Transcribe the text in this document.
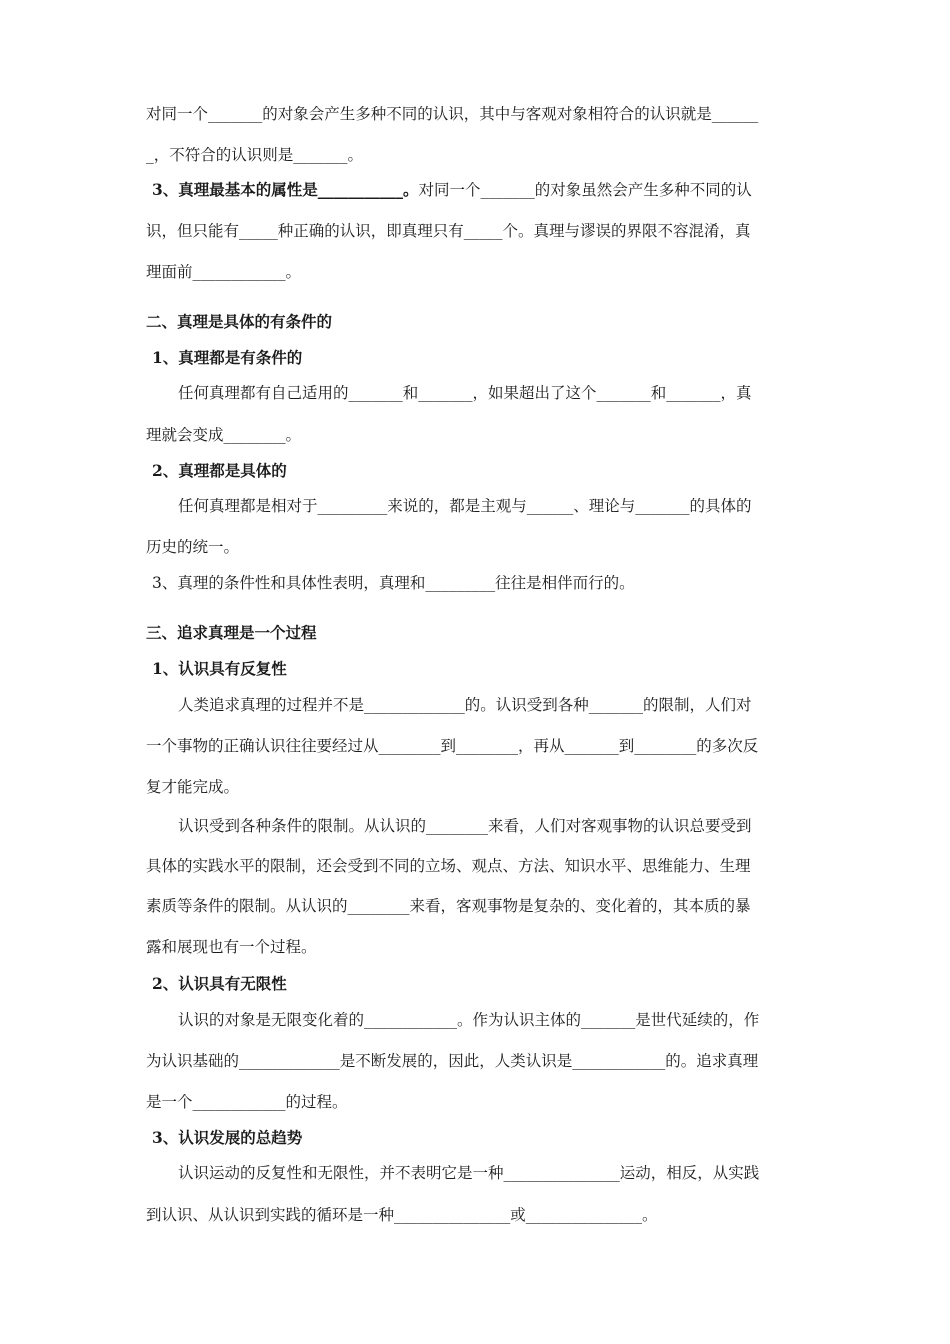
对同一个_______的对象会产生多种不同的认识，其中与客观对象相符合的认识就是______
_，不符合的认识则是_______。
3、真理最基本的属性是___________。对同一个_______的对象虽然会产生多种不同的认
识，但只能有_____种正确的认识，即真理只有_____个。真理与谬误的界限不容混淆，真
理面前____________。
二、真理是具体的有条件的
1、真理都是有条件的
任何真理都有自己适用的_______和_______，如果超出了这个_______和_______，真
理就会变成________。
2、真理都是具体的
任何真理都是相对于_________来说的，都是主观与______、理论与_______的具体的
历史的统一。
3、真理的条件性和具体性表明，真理和_________往往是相伴而行的。
三、追求真理是一个过程
1、认识具有反复性
人类追求真理的过程并不是_____________的。认识受到各种_______的限制，人们对
一个事物的正确认识往往要经过从________到________，再从_______到________的多次反
复才能完成。
认识受到各种条件的限制。从认识的________来看，人们对客观事物的认识总要受到
具体的实践水平的限制，还会受到不同的立场、观点、方法、知识水平、思维能力、生理
素质等条件的限制。从认识的________来看，客观事物是复杂的、变化着的，其本质的暴
露和展现也有一个过程。
2、认识具有无限性
认识的对象是无限变化着的____________。作为认识主体的_______是世代延续的，作
为认识基础的_____________是不断发展的，因此，人类认识是____________的。追求真理
是一个____________的过程。
3、认识发展的总趋势
认识运动的反复性和无限性，并不表明它是一种_______________运动，相反，从实践
到认识、从认识到实践的循环是一种_______________或_______________。
